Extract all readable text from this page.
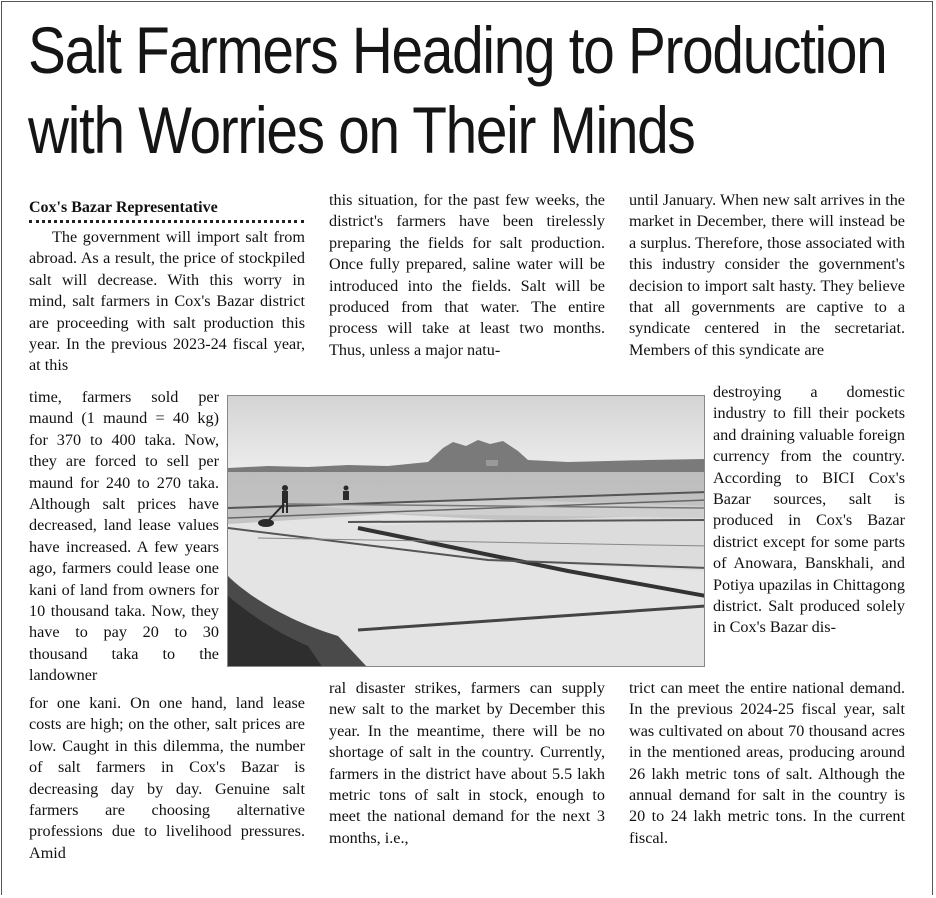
Salt Farmers Heading to Production
with Worries on Their Minds

Cox's Bazar Representative

The government will import salt from abroad. As a result, the price of stockpiled salt will decrease. With this worry in mind, salt farmers in Cox's Bazar district are proceeding with salt production this year. In the previous 2023-24 fiscal year, at this

time, farmers sold per maund (1 maund = 40 kg) for 370 to 400 taka. Now, they are forced to sell per maund for 240 to 270 taka. Although salt prices have decreased, land lease values have increased. A few years ago, farmers could lease one kani of land from owners for 10 thousand taka. Now, they have to pay 20 to 30 thousand taka to the landowner

for one kani. On one hand, land lease costs are high; on the other, salt prices are low. Caught in this dilemma, the number of salt farmers in Cox's Bazar is decreasing day by day. Genuine salt farmers are choosing alternative professions due to livelihood pressures. Amid

this situation, for the past few weeks, the district's farmers have been tirelessly preparing the fields for salt production. Once fully prepared, saline water will be introduced into the fields. Salt will be produced from that water. The entire process will take at least two months. Thus, unless a major natu-

ral disaster strikes, farmers can supply new salt to the market by December this year. In the meantime, there will be no shortage of salt in the country. Currently, farmers in the district have about 5.5 lakh metric tons of salt in stock, enough to meet the national demand for the next 3 months, i.e.,

until January. When new salt arrives in the market in December, there will instead be a surplus. Therefore, those associated with this industry consider the government's decision to import salt hasty. They believe that all governments are captive to a syndicate centered in the secretariat. Members of this syndicate are

destroying a domestic industry to fill their pockets and draining valuable foreign currency from the country. According to BICI Cox's Bazar sources, salt is produced in Cox's Bazar district except for some parts of Anowara, Banskhali, and Potiya upazilas in Chittagong district. Salt produced solely in Cox's Bazar dis-

trict can meet the entire national demand. In the previous 2024-25 fiscal year, salt was cultivated on about 70 thousand acres in the mentioned areas, producing around 26 lakh metric tons of salt. Although the annual demand for salt in the country is 20 to 24 lakh metric tons. In the current fiscal.
